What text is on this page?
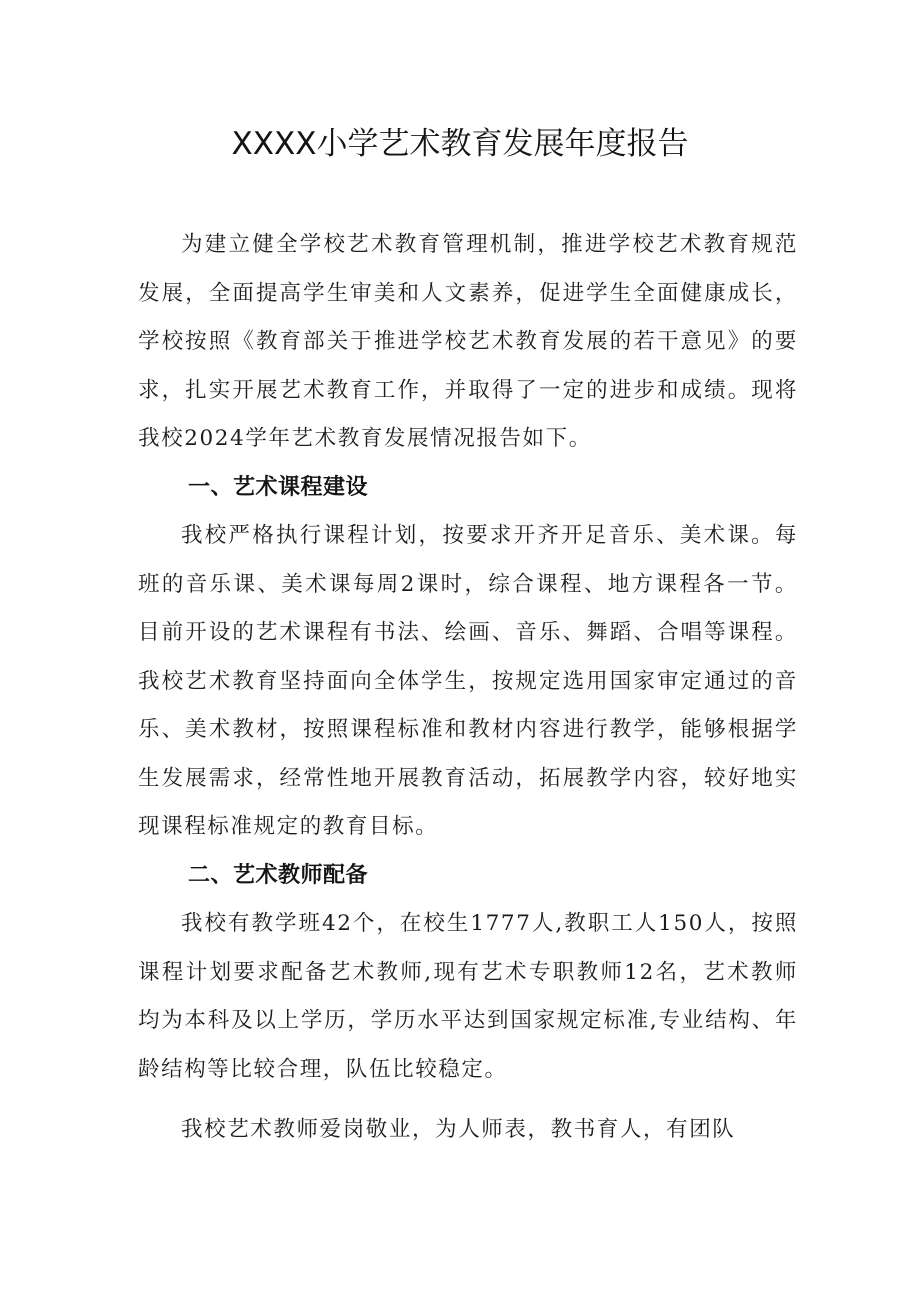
XXXX小学艺术教育发展年度报告

为建立健全学校艺术教育管理机制，推进学校艺术教育规范发展，全面提高学生审美和人文素养，促进学生全面健康成长，学校按照《教育部关于推进学校艺术教育发展的若干意见》的要求，扎实开展艺术教育工作，并取得了一定的进步和成绩。现将我校2024学年艺术教育发展情况报告如下。

一、艺术课程建设

我校严格执行课程计划，按要求开齐开足音乐、美术课。每班的音乐课、美术课每周2课时，综合课程、地方课程各一节。目前开设的艺术课程有书法、绘画、音乐、舞蹈、合唱等课程。我校艺术教育坚持面向全体学生，按规定选用国家审定通过的音乐、美术教材，按照课程标准和教材内容进行教学，能够根据学生发展需求，经常性地开展教育活动，拓展教学内容，较好地实现课程标准规定的教育目标。

二、艺术教师配备

我校有教学班42个，在校生1777人,教职工人150人，按照课程计划要求配备艺术教师,现有艺术专职教师12名，艺术教师均为本科及以上学历，学历水平达到国家规定标准,专业结构、年龄结构等比较合理，队伍比较稳定。

我校艺术教师爱岗敬业，为人师表，教书育人，有团队
